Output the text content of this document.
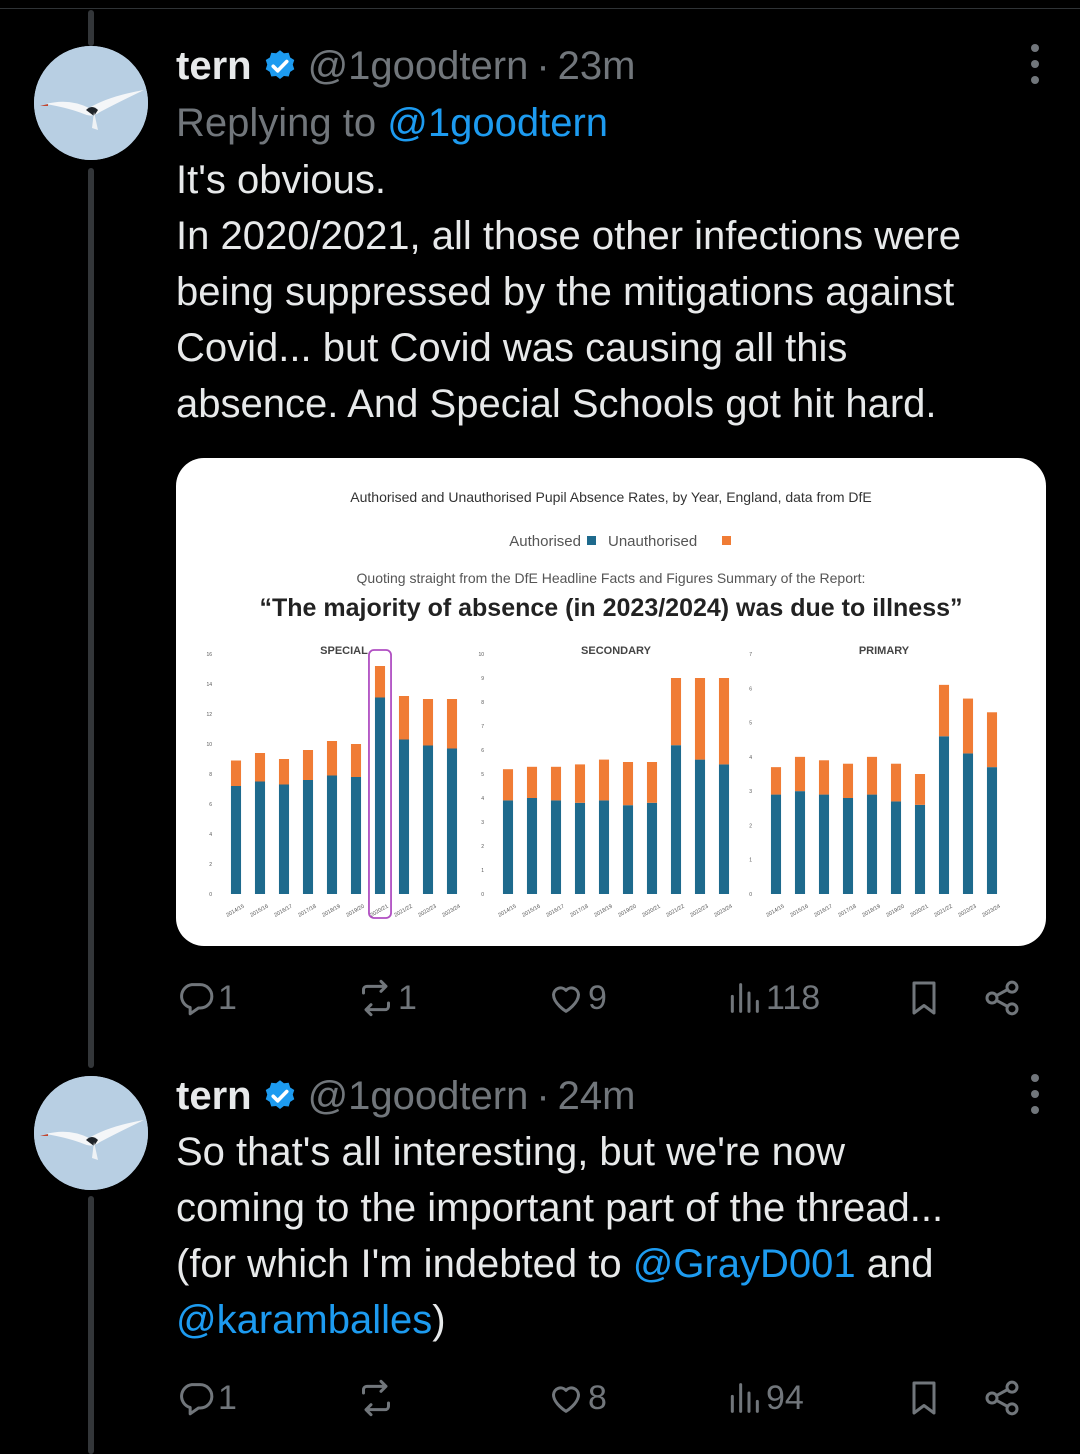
tern @1goodtern · 23m
Replying to @1goodtern

It's obvious.

In 2020/2021, all those other infections were

being suppressed by the mitigations against

Covid... but Covid was causing all this

absence. And Special Schools got hit hard.

Authorised and Unauthorised Pupil Absence Rates, by Year, England, data from DfE
Authorised Unauthorised
Quoting straight from the DfE Headline Facts and Figures Summary of the Report:
“The majority of absence (in 2023/2024) was due to illness”
SPECIAL
0
2
4
6
8
10
12
14
16
2014/15 2015/16 2016/17 2017/18 2018/19 2019/20 2020/21 2021/22 2022/23 2023/24
SECONDARY
0
1
2
3
4
5
6
7
8
9
10
2014/15 2015/16 2016/17 2017/18 2018/19 2019/20 2020/21 2021/22 2022/23 2023/24
PRIMARY
0
1
2
3
4
5
6
7
2014/15 2015/16 2016/17 2017/18 2018/19 2019/20 2020/21 2021/22 2022/23 2023/24
1	1	9	118
tern @1goodtern · 24m

So that's all interesting, but we're now

coming to the important part of the thread...

(for which I'm indebted to @GrayD001 and

@karamballes)

1	8	94
